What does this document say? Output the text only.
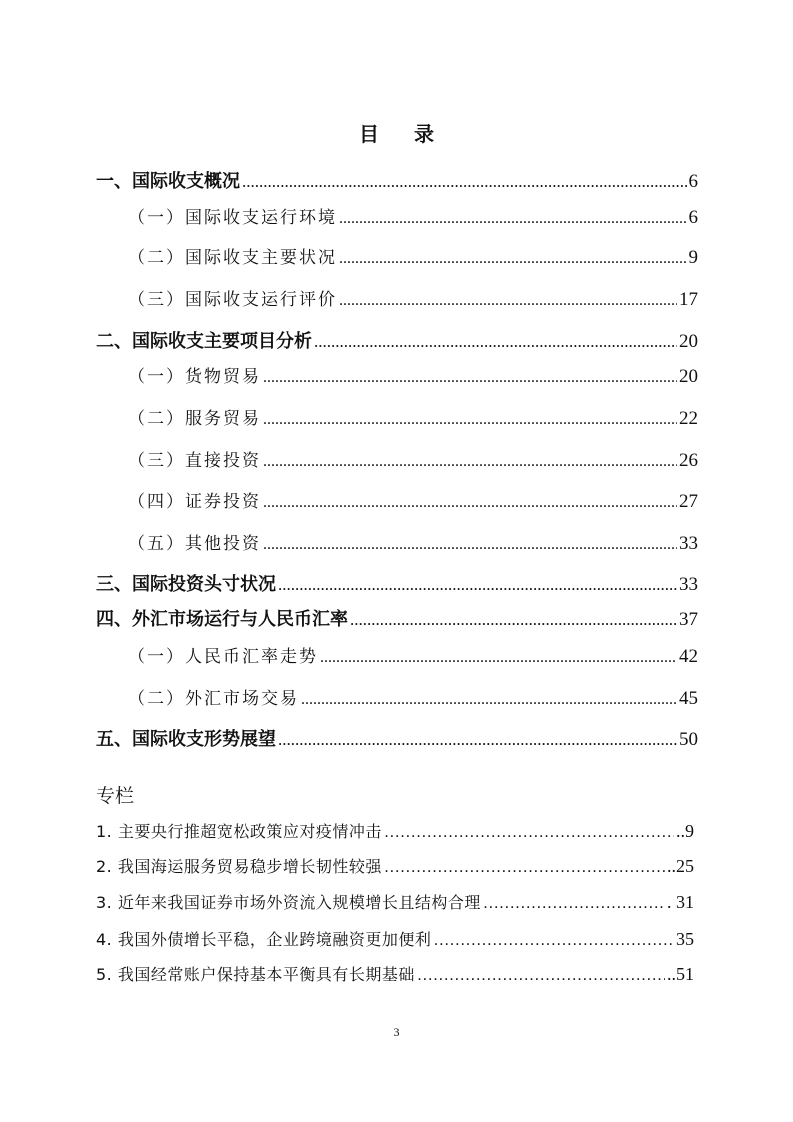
目 录
一、国际收支概况 .....	6
（一）国际收支运行环境 .....	6
（二）国际收支主要状况 .....	9
（三）国际收支运行评价 .....	17
二、国际收支主要项目分析 .....	20
（一）货物贸易 .....	20
（二）服务贸易 .....	22
（三）直接投资 .....	26
（四）证券投资 .....	27
（五）其他投资 .....	33
三、国际投资头寸状况 .....	33
四、外汇市场运行与人民币汇率 .....	37
（一）人民币汇率走势 .....	42
（二）外汇市场交易 .....	45
五、国际收支形势展望 .....	50
专栏
1. 主要央行推超宽松政策应对疫情冲击 …………………………………………………………………………………………………………………………………………………………………………………………………………………………………………………………………………………………	..9
2. 我国海运服务贸易稳步增长韧性较强 …………………………………………………………………………………………………………………………………………………………………………………………………………………………………………………………………………………………	..25
3. 近年来我国证券市场外资流入规模增长且结构合理 …………………………………………………………………………………………………………………………………………………………………………………………………………………………………………………………………………………………	. 31
4. 我国外债增长平稳，企业跨境融资更加便利 …………………………………………………………………………………………………………………………………………………………………………………………………………………………………………………………………………………………	35
5. 我国经常账户保持基本平衡具有长期基础 …………………………………………………………………………………………………………………………………………………………………………………………………………………………………………………………………………………………	..51
3
